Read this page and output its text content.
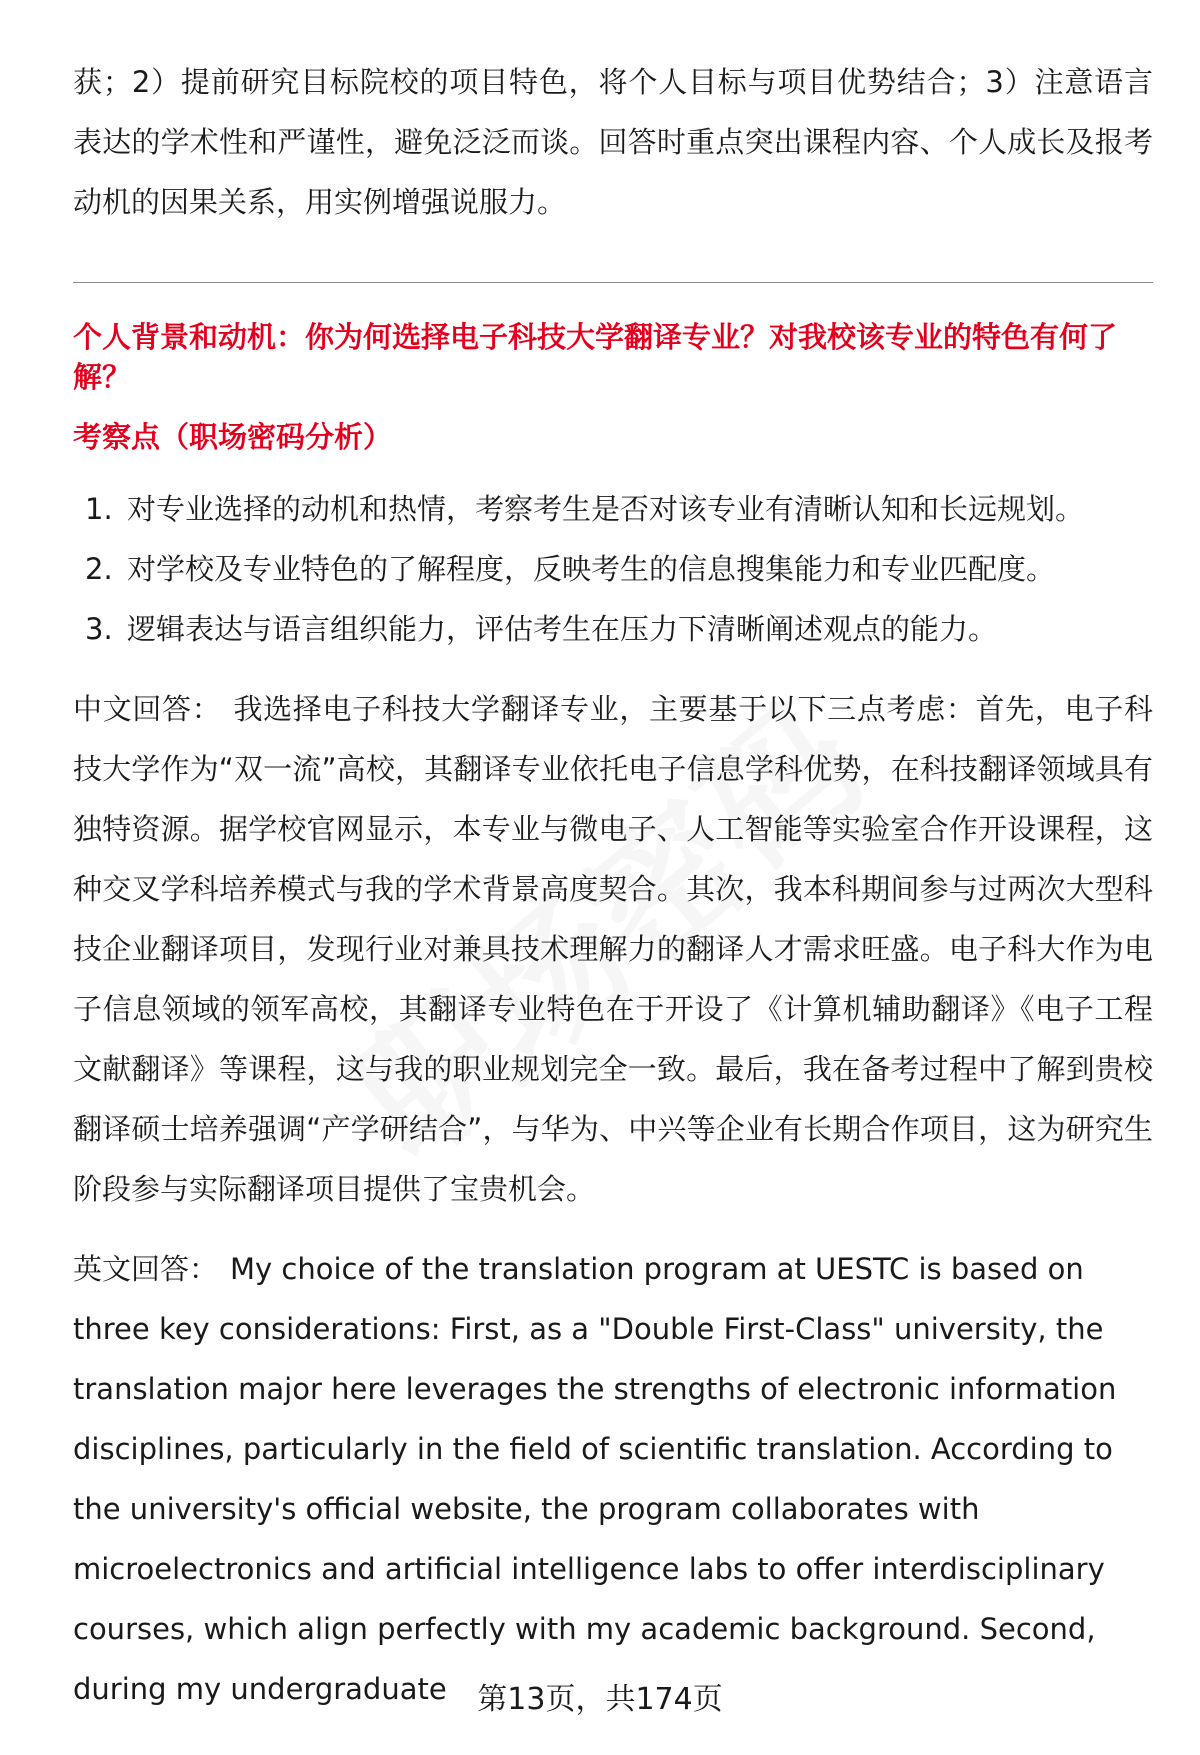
获；2）提前研究目标院校的项目特色，将个人目标与项目优势结合；3）注意语言表达的学术性和严谨性，避免泛泛而谈。回答时重点突出课程内容、个人成长及报考动机的因果关系，用实例增强说服力。

个人背景和动机：你为何选择电子科技大学翻译专业？对我校该专业的特色有何了解？
考察点（职场密码分析）
1. 对专业选择的动机和热情，考察考生是否对该专业有清晰认知和长远规划。
2. 对学校及专业特色的了解程度，反映考生的信息搜集能力和专业匹配度。
3. 逻辑表达与语言组织能力，评估考生在压力下清晰阐述观点的能力。

中文回答： 我选择电子科技大学翻译专业，主要基于以下三点考虑：首先，电子科技大学作为“双一流”高校，其翻译专业依托电子信息学科优势，在科技翻译领域具有独特资源。据学校官网显示，本专业与微电子、人工智能等实验室合作开设课程，这种交叉学科培养模式与我的学术背景高度契合。其次，我本科期间参与过两次大型科技企业翻译项目，发现行业对兼具技术理解力的翻译人才需求旺盛。电子科大作为电子信息领域的领军高校，其翻译专业特色在于开设了《计算机辅助翻译》《电子工程文献翻译》等课程，这与我的职业规划完全一致。最后，我在备考过程中了解到贵校翻译硕士培养强调“产学研结合”，与华为、中兴等企业有长期合作项目，这为研究生阶段参与实际翻译项目提供了宝贵机会。

英文回答： My choice of the translation program at UESTC is based on three key considerations: First, as a "Double First-Class" university, the translation major here leverages the strengths of electronic information disciplines, particularly in the field of scientific translation. According to the university's official website, the program collaborates with microelectronics and artificial intelligence labs to offer interdisciplinary courses, which align perfectly with my academic background. Second, during my undergraduate	第13页，共174页
